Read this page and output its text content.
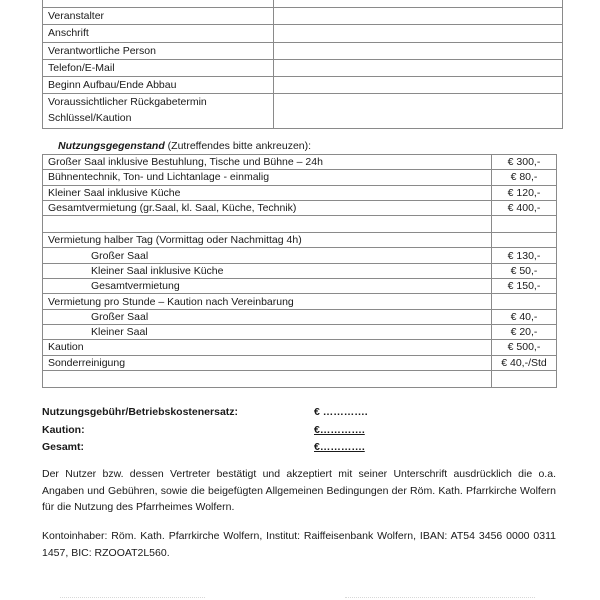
Veranstalter	
Anschrift	
Verantwortliche Person	
Telefon/E-Mail	
Beginn Aufbau/Ende Abbau	
Voraussichtlicher Rückgabetermin
Schlüssel/Kaution	

Nutzungsgegenstand (Zutreffendes bitte ankreuzen):
Großer Saal inklusive Bestuhlung, Tische und Bühne – 24h	€ 300,-
Bühnentechnik, Ton- und Lichtanlage - einmalig	€ 80,-
Kleiner Saal inklusive Küche	€ 120,-
Gesamtvermietung (gr.Saal, kl. Saal, Küche, Technik)	€ 400,-

Vermietung halber Tag (Vormittag oder Nachmittag 4h)	
Großer Saal	€ 130,-
Kleiner Saal inklusive Küche	€ 50,-
Gesamtvermietung	€ 150,-
Vermietung pro Stunde – Kaution nach Vereinbarung	
Großer Saal	€ 40,-
Kleiner Saal	€ 20,-
Kaution	€ 500,-
Sonderreinigung	€ 40,-/Std

Nutzungsgebühr/Betriebskostenersatz:	€ ………….
Kaution:	€………….
Gesamt:	€………….
Der Nutzer bzw. dessen Vertreter bestätigt und akzeptiert mit seiner Unterschrift ausdrücklich die o.a. Angaben und Gebühren, sowie die beigefügten Allgemeinen Bedingungen der Röm. Kath. Pfarrkirche Wolfern für die Nutzung des Pfarrheimes Wolfern.
Kontoinhaber: Röm. Kath. Pfarrkirche Wolfern, Institut: Raiffeisenbank Wolfern, IBAN: AT54 3456 0000 0311 1457, BIC: RZOOAT2L560.
